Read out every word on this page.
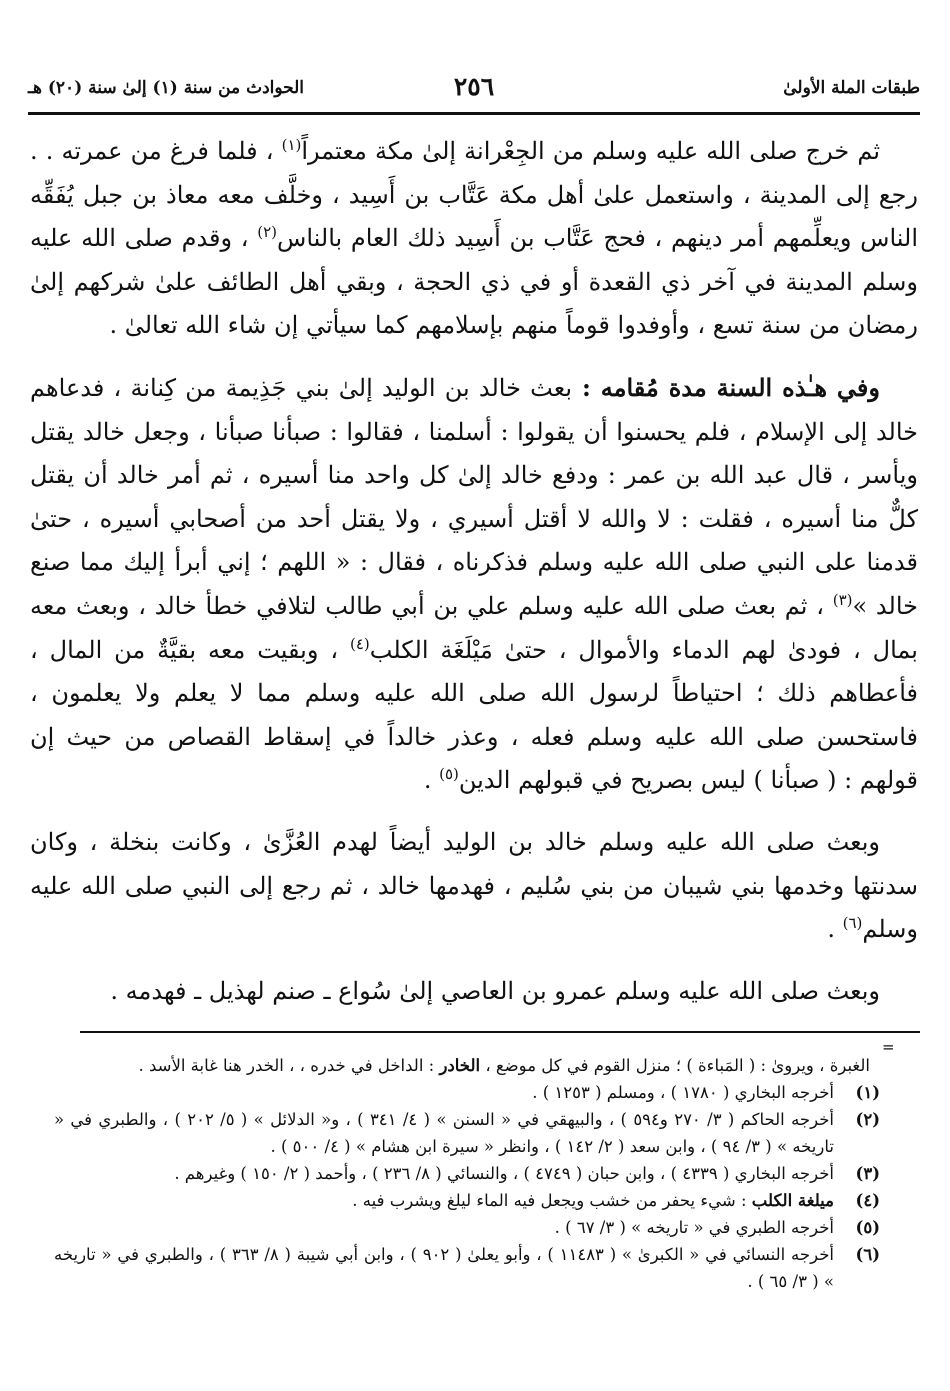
طبقات الملة الأولىٰ
٢٥٦
الحوادث من سنة (١) إلىٰ سنة (٢٠) هـ

ثم خرج صلى الله عليه وسلم من الجِعْرانة إلىٰ مكة معتمراً$^{(١)}$ ، فلما فرغ من عمرته . . رجع إلى المدينة ، واستعمل علىٰ أهل مكة عَتَّاب بن أَسِيد ، وخلَّف معه معاذ بن جبل يُفَقِّه الناس ويعلِّمهم أمر دينهم ، فحج عَتَّاب بن أَسِيد ذلك العام بالناس$^{(٢)}$ ، وقدم صلى الله عليه وسلم المدينة في آخر ذي القعدة أو في ذي الحجة ، وبقي أهل الطائف علىٰ شركهم إلىٰ رمضان من سنة تسع ، وأوفدوا قوماً منهم بإسلامهم كما سيأتي إن شاء الله تعالىٰ .

وفي هـٰذه السنة مدة مُقامه : بعث خالد بن الوليد إلىٰ بني جَذِيمة من كِنانة ، فدعاهم خالد إلى الإسلام ، فلم يحسنوا أن يقولوا : أسلمنا ، فقالوا : صبأنا صبأنا ، وجعل خالد يقتل ويأسر ، قال عبد الله بن عمر : ودفع خالد إلىٰ كل واحد منا أسيره ، ثم أمر خالد أن يقتل كلٌّ منا أسيره ، فقلت : لا والله لا أقتل أسيري ، ولا يقتل أحد من أصحابي أسيره ، حتىٰ قدمنا على النبي صلى الله عليه وسلم فذكرناه ، فقال : « اللهم ؛ إني أبرأ إليك مما صنع خالد »$^{(٣)}$ ، ثم بعث صلى الله عليه وسلم علي بن أبي طالب لتلافي خطأ خالد ، وبعث معه بمال ، فودىٰ لهم الدماء والأموال ، حتىٰ مَيْلَغَة الكلب$^{(٤)}$ ، وبقيت معه بقيَّةٌ من المال ، فأعطاهم ذلك ؛ احتياطاً لرسول الله صلى الله عليه وسلم مما لا يعلم ولا يعلمون ، فاستحسن صلى الله عليه وسلم فعله ، وعذر خالداً في إسقاط القصاص من حيث إن قولهم : ( صبأنا ) ليس بصريح في قبولهم الدين$^{(٥)}$ .

وبعث صلى الله عليه وسلم خالد بن الوليد أيضاً لهدم العُزَّىٰ ، وكانت بنخلة ، وكان سدنتها وخدمها بني شيبان من بني سُليم ، فهدمها خالد ، ثم رجع إلى النبي صلى الله عليه وسلم$^{(٦)}$ .

وبعث صلى الله عليه وسلم عمرو بن العاصي إلىٰ سُواع ـ صنم لهذيل ـ فهدمه .

=
الغبرة ، ويروىٰ : ( المَباءة ) ؛ منزل القوم في كل موضع ، الخادر : الداخل في خدره ، ، الخدر هنا غابة الأسد .
(١)
أخرجه البخاري ( ١٧٨٠ ) ، ومسلم ( ١٢٥٣ ) .
(٢)
أخرجه الحاكم ( ٣/ ٢٧٠ و٥٩٤ ) ، والبيهقي في « السنن » ( ٤/ ٣٤١ ) ، و« الدلائل » ( ٥/ ٢٠٢ ) ، والطبري في « تاريخه » ( ٣/ ٩٤ ) ، وابن سعد ( ٢/ ١٤٢ ) ، وانظر « سيرة ابن هشام » ( ٤/ ٥٠٠ ) .
(٣)
أخرجه البخاري ( ٤٣٣٩ ) ، وابن حبان ( ٤٧٤٩ ) ، والنسائي ( ٨/ ٢٣٦ ) ، وأحمد ( ٢/ ١٥٠ ) وغيرهم .
(٤)
ميلغة الكلب : شيء يحفر من خشب ويجعل فيه الماء ليلغ ويشرب فيه .
(٥)
أخرجه الطبري في « تاريخه » ( ٣/ ٦٧ ) .
(٦)
أخرجه النسائي في « الكبرىٰ » ( ١١٤٨٣ ) ، وأبو يعلىٰ ( ٩٠٢ ) ، وابن أبي شيبة ( ٨/ ٣٦٣ ) ، والطبري في « تاريخه » ( ٣/ ٦٥ ) .
